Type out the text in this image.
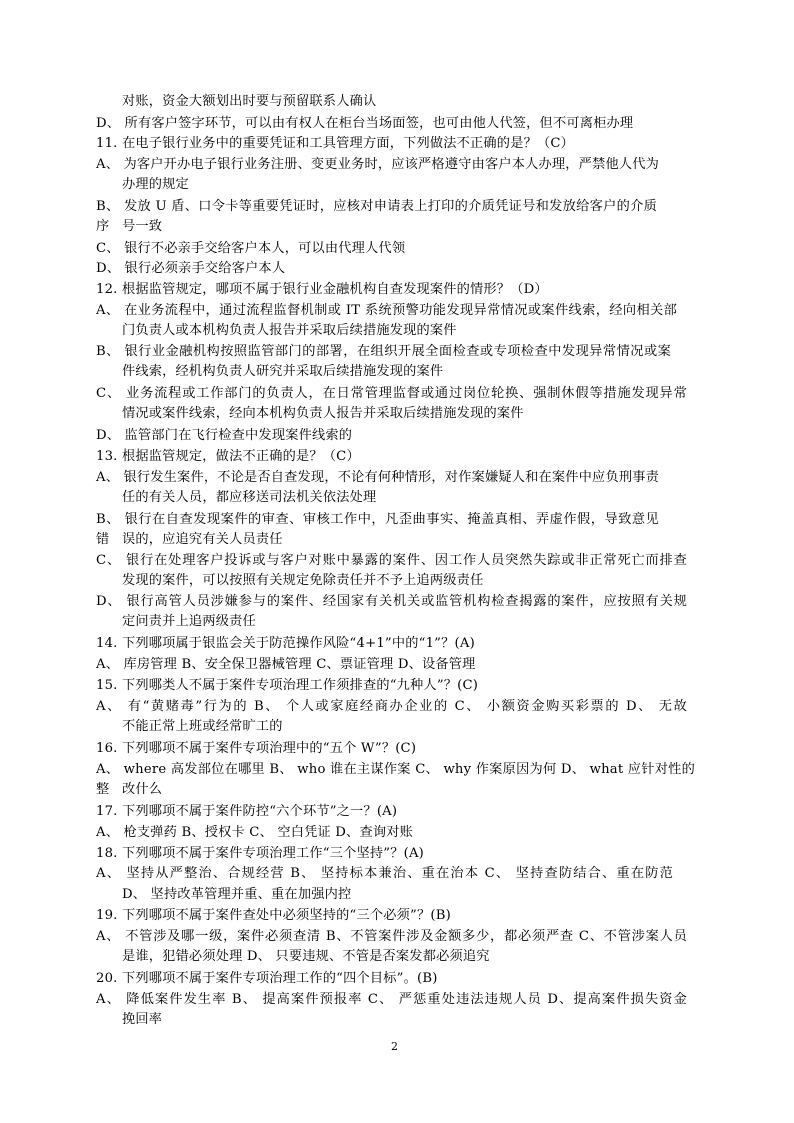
对账，资金大额划出时要与预留联系人确认
D、 所有客户签字环节，可以由有权人在柜台当场面签，也可由他人代签，但不可离柜办理
11. 在电子银行业务中的重要凭证和工具管理方面，下列做法不正确的是？（C）
A、 为客户开办电子银行业务注册、变更业务时，应该严格遵守由客户本人办理，严禁他人代为
办理的规定
B、 发放 U 盾、口令卡等重要凭证时，应核对申请表上打印的介质凭证号和发放给客户的介质序 号一致
C、 银行不必亲手交给客户本人，可以由代理人代领
D、 银行必须亲手交给客户本人
12. 根据监管规定，哪项不属于银行业金融机构自查发现案件的情形？（D）
A、 在业务流程中，通过流程监督机制或 IT 系统预警功能发现异常情况或案件线索，经向相关部
门负责人或本机构负责人报告并采取后续措施发现的案件
B、 银行业金融机构按照监管部门的部署，在组织开展全面检查或专项检查中发现异常情况或案
件线索，经机构负责人研究并采取后续措施发现的案件
C、 业务流程或工作部门的负责人，在日常管理监督或通过岗位轮换、强制休假等措施发现异常
情况或案件线索，经向本机构负责人报告并采取后续措施发现的案件
D、 监管部门在飞行检查中发现案件线索的
13. 根据监管规定，做法不正确的是？（C）
A、 银行发生案件，不论是否自查发现，不论有何种情形，对作案嫌疑人和在案件中应负刑事责
任的有关人员，都应移送司法机关依法处理
B、 银行在自查发现案件的审查、审核工作中，凡歪曲事实、掩盖真相、弄虚作假，导致意见错 误的，应追究有关人员责任
C、 银行在处理客户投诉或与客户对账中暴露的案件、因工作人员突然失踪或非正常死亡而排查
发现的案件，可以按照有关规定免除责任并不予上追两级责任
D、 银行高管人员涉嫌参与的案件、经国家有关机关或监管机构检查揭露的案件，应按照有关规
定问责并上追两级责任
14. 下列哪项属于银监会关于防范操作风险“4+1”中的“1”？(A)
A、 库房管理 B、安全保卫器械管理 C、票证管理 D、设备管理
15. 下列哪类人不属于案件专项治理工作须排查的“九种人”？(C)
A、 有“黄赌毒”行为的 B、 个人或家庭经商办企业的 C、 小额资金购买彩票的 D、 无故
不能正常上班或经常旷工的
16. 下列哪项不属于案件专项治理中的“五个 W”？(C)
A、 where 高发部位在哪里 B、 who 谁在主谋作案 C、 why 作案原因为何 D、 what 应针对性的整 改什么
17. 下列哪项不属于案件防控“六个环节”之一？(A)
A、 枪支弹药 B、授权卡 C、 空白凭证 D、查询对账
18. 下列哪项不属于案件专项治理工作“三个坚持”？(A)
A、 坚持从严整治、合规经营 B、 坚持标本兼治、重在治本 C、 坚持查防结合、重在防范
D、 坚持改革管理并重、重在加强内控
19. 下列哪项不属于案件查处中必须坚持的“三个必须”？(B)
A、 不管涉及哪一级，案件必须查清 B、不管案件涉及金额多少，都必须严查 C、不管涉案人员
是谁，犯错必须处理 D、 只要违规、不管是否案发都必须追究
20. 下列哪项不属于案件专项治理工作的“四个目标”。(B)
A、 降低案件发生率 B、 提高案件预报率 C、 严惩重处违法违规人员 D、提高案件损失资金
挽回率
2
